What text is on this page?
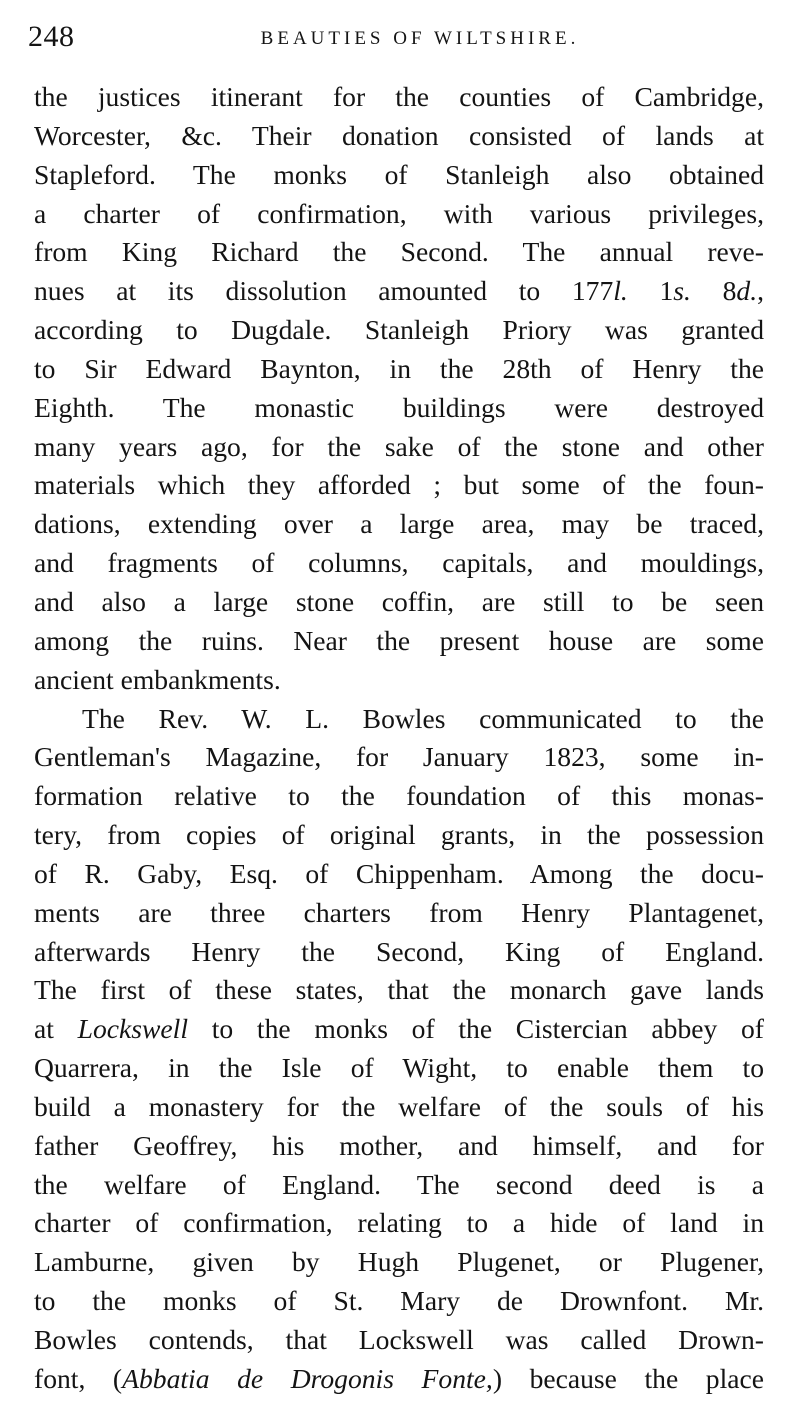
248	BEAUTIES OF WILTSHIRE.
the justices itinerant for the counties of Cambridge,
Worcester, &c. Their donation consisted of lands at
Stapleford. The monks of Stanleigh also obtained
a charter of confirmation, with various privileges,
from King Richard the Second. The annual reve-
nues at its dissolution amounted to 177l. 1s. 8d.,
according to Dugdale. Stanleigh Priory was granted
to Sir Edward Baynton, in the 28th of Henry the
Eighth. The monastic buildings were destroyed
many years ago, for the sake of the stone and other
materials which they afforded ; but some of the foun-
dations, extending over a large area, may be traced,
and fragments of columns, capitals, and mouldings,
and also a large stone coffin, are still to be seen
among the ruins. Near the present house are some
ancient embankments.
The Rev. W. L. Bowles communicated to the
Gentleman's Magazine, for January 1823, some in-
formation relative to the foundation of this monas-
tery, from copies of original grants, in the possession
of R. Gaby, Esq. of Chippenham. Among the docu-
ments are three charters from Henry Plantagenet,
afterwards Henry the Second, King of England.
The first of these states, that the monarch gave lands
at Lockswell to the monks of the Cistercian abbey of
Quarrera, in the Isle of Wight, to enable them to
build a monastery for the welfare of the souls of his
father Geoffrey, his mother, and himself, and for
the welfare of England. The second deed is a
charter of confirmation, relating to a hide of land in
Lamburne, given by Hugh Plugenet, or Plugener,
to the monks of St. Mary de Drownfont. Mr.
Bowles contends, that Lockswell was called Drown-
font, (Abbatia de Drogonis Fonte,) because the place
